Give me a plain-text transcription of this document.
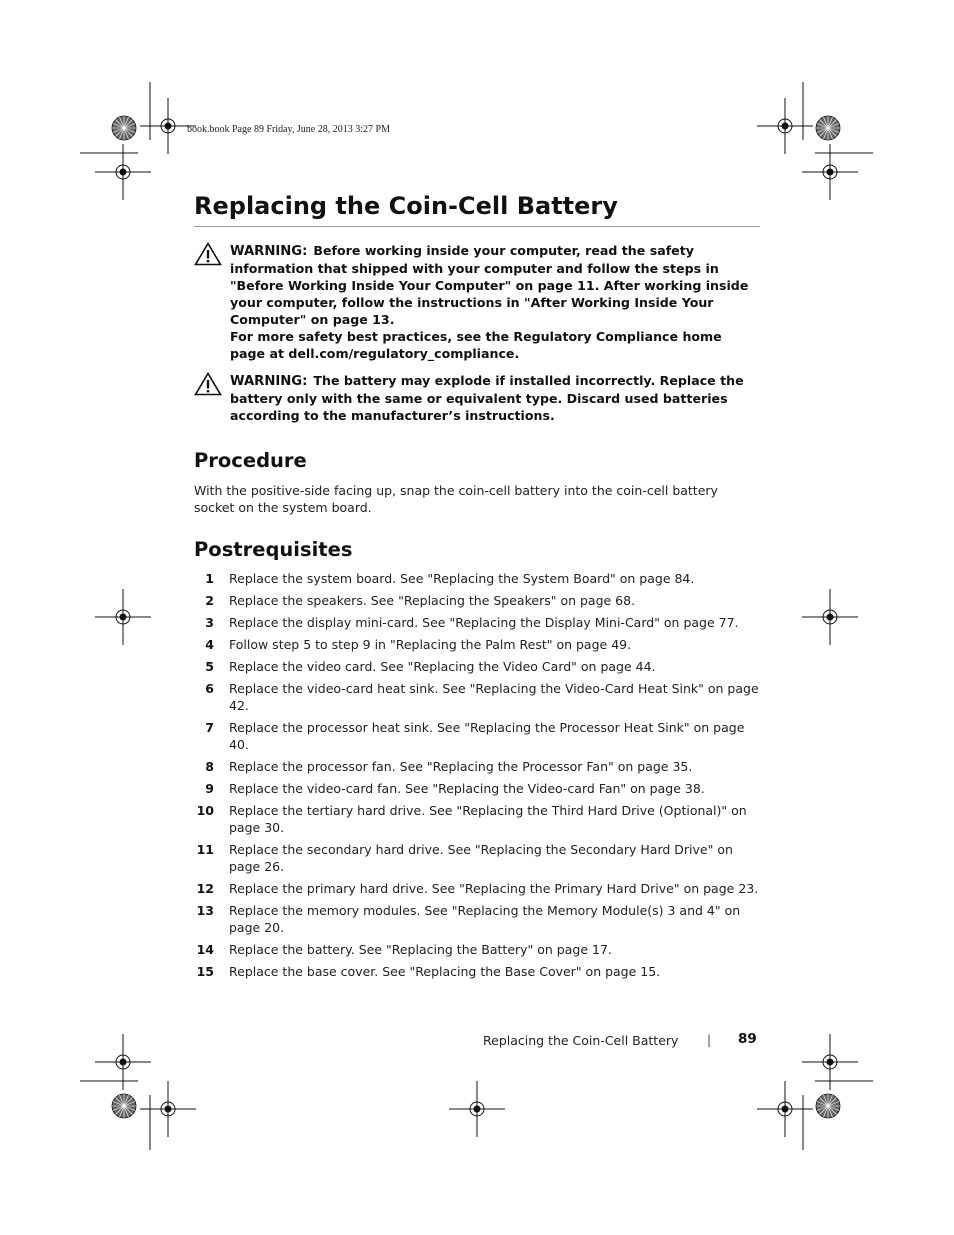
book.book Page 89 Friday, June 28, 2013 3:27 PM
Replacing the Coin-Cell Battery
WARNING: Before working inside your computer, read the safety information that shipped with your computer and follow the steps in "Before Working Inside Your Computer" on page 11. After working inside your computer, follow the instructions in "After Working Inside Your Computer" on page 13.
For more safety best practices, see the Regulatory Compliance home page at dell.com/regulatory_compliance.
WARNING: The battery may explode if installed incorrectly. Replace the battery only with the same or equivalent type. Discard used batteries according to the manufacturer’s instructions.
Procedure

With the positive-side facing up, snap the coin-cell battery into the coin-cell battery socket on the system board.

Postrequisites
1 Replace the system board. See "Replacing the System Board" on page 84.
2 Replace the speakers. See "Replacing the Speakers" on page 68.
3 Replace the display mini-card. See "Replacing the Display Mini-Card" on page 77.
4 Follow step 5 to step 9 in "Replacing the Palm Rest" on page 49.
5 Replace the video card. See "Replacing the Video Card" on page 44.
6 Replace the video-card heat sink. See "Replacing the Video-Card Heat Sink" on page 42.
7 Replace the processor heat sink. See "Replacing the Processor Heat Sink" on page 40.
8 Replace the processor fan. See "Replacing the Processor Fan" on page 35.
9 Replace the video-card fan. See "Replacing the Video-card Fan" on page 38.
10 Replace the tertiary hard drive. See "Replacing the Third Hard Drive (Optional)" on page 30.
11 Replace the secondary hard drive. See "Replacing the Secondary Hard Drive" on page 26.
12 Replace the primary hard drive. See "Replacing the Primary Hard Drive" on page 23.
13 Replace the memory modules. See "Replacing the Memory Module(s) 3 and 4" on page 20.
14 Replace the battery. See "Replacing the Battery" on page 17.
15 Replace the base cover. See "Replacing the Base Cover" on page 15.
Replacing the Coin-Cell Battery | 89
